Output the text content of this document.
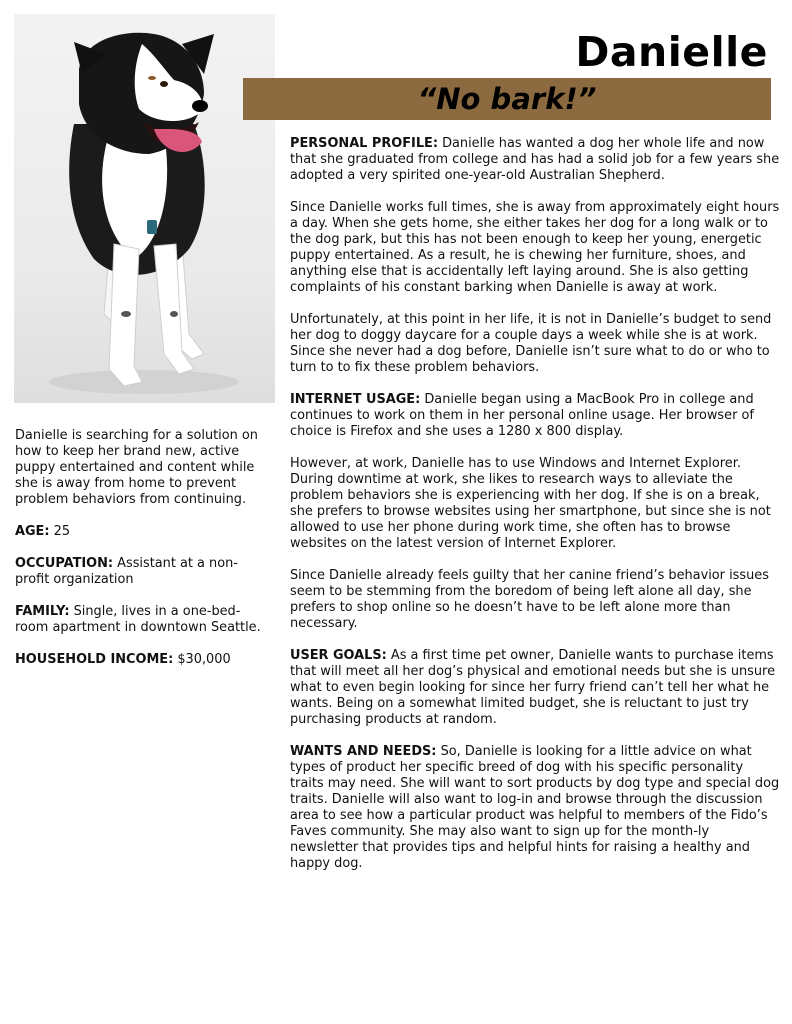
Danielle
“No bark!”

Danielle is searching for a solution on how to keep her brand new, active puppy entertained and content while she is away from home to prevent problem behaviors from continuing.

AGE: 25

OCCUPATION: Assistant at a non-profit organization

FAMILY: Single, lives in a one-bed-room apartment in downtown Seattle.

HOUSEHOLD INCOME: $30,000

PERSONAL PROFILE: Danielle has wanted a dog her whole life and now that she graduated from college and has had a solid job for a few years she adopted a very spirited one-year-old Australian Shepherd.

Since Danielle works full times, she is away from approximately eight hours a day. When she gets home, she either takes her dog for a long walk or to the dog park, but this has not been enough to keep her young, energetic puppy entertained. As a result, he is chewing her furniture, shoes, and anything else that is accidentally left laying around. She is also getting complaints of his constant barking when Danielle is away at work.

Unfortunately, at this point in her life, it is not in Danielle’s budget to send her dog to doggy daycare for a couple days a week while she is at work. Since she never had a dog before, Danielle isn’t sure what to do or who to turn to to fix these problem behaviors.

INTERNET USAGE: Danielle began using a MacBook Pro in college and continues to work on them in her personal online usage. Her browser of choice is Firefox and she uses a 1280 x 800 display.

However, at work, Danielle has to use Windows and Internet Explorer. During downtime at work, she likes to research ways to alleviate the problem behaviors she is experiencing with her dog. If she is on a break, she prefers to browse websites using her smartphone, but since she is not allowed to use her phone during work time, she often has to browse websites on the latest version of Internet Explorer.

Since Danielle already feels guilty that her canine friend’s behavior issues seem to be stemming from the boredom of being left alone all day, she prefers to shop online so he doesn’t have to be left alone more than necessary.

USER GOALS: As a first time pet owner, Danielle wants to purchase items that will meet all her dog’s physical and emotional needs but she is unsure what to even begin looking for since her furry friend can’t tell her what he wants. Being on a somewhat limited budget, she is reluctant to just try purchasing products at random.

WANTS AND NEEDS: So, Danielle is looking for a little advice on what types of product her specific breed of dog with his specific personality traits may need. She will want to sort products by dog type and special dog traits. Danielle will also want to log-in and browse through the discussion area to see how a particular product was helpful to members of the Fido’s Faves community. She may also want to sign up for the month-ly newsletter that provides tips and helpful hints for raising a healthy and happy dog.
